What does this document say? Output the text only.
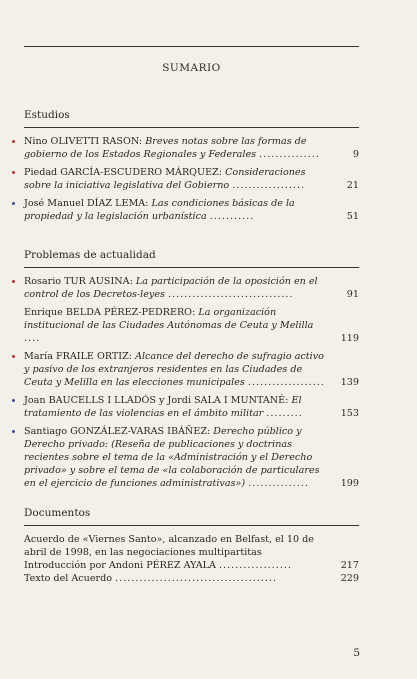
SUMARIO

Estudios

Nino OLIVETTI RASON: Breves notas sobre las formas de gobierno de los Estados Regionales y Federales ...............	9
Piedad GARCÍA-ESCUDERO MÁRQUEZ: Consideraciones sobre la iniciativa legislativa del Gobierno ..................	21
José Manuel DÍAZ LEMA: Las condiciones básicas de la propiedad y la legislación urbanística ...........	51

Problemas de actualidad

Rosario TUR AUSINA: La participación de la oposición en el control de los Decretos-leyes ...............................	91
Enrique BELDA PÉREZ-PEDRERO: La organización institucional de las Ciudades Autónomas de Ceuta y Melilla ....	119
María FRAILE ORTIZ: Alcance del derecho de sufragio activo y pasivo de los extranjeros residentes en las Ciudades de Ceuta y Melilla en las elecciones municipales ...................	139
Joan BAUCELLS I LLADÓS y Jordi SALA I MUNTANÉ: El tratamiento de las violencias en el ámbito militar .........	153
Santiago GONZÁLEZ-VARAS IBÁÑEZ: Derecho público y Derecho privado: (Reseña de publicaciones y doctrinas recientes sobre el tema de la «Administración y el Derecho privado» y sobre el tema de «la colaboración de particulares en el ejercicio de funciones administrativas») ...............	199

Documentos

Acuerdo de «Viernes Santo», alcanzado en Belfast, el 10 de abril de 1998, en las negociaciones multipartitas
Introducción por Andoni PÉREZ AYALA ..................	217
Texto del Acuerdo ........................................	229
5
